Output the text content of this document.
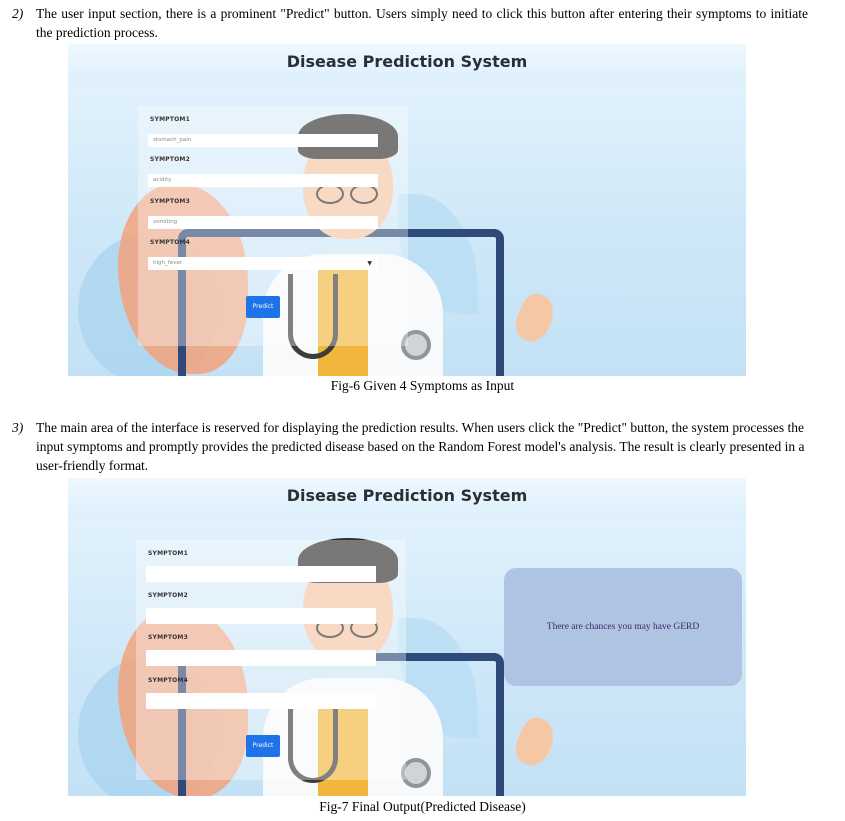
2) The user input section, there is a prominent "Predict" button. Users simply need to click this button after entering their symptoms to initiate the prediction process.
Disease Prediction System
SYMPTOM1
stomach_pain
SYMPTOM2
acidity
SYMPTOM3
vomiting
SYMPTOM4
high_fever	▼
Predict
Fig-6 Given 4 Symptoms as Input
3) The main area of the interface is reserved for displaying the prediction results. When users click the "Predict" button, the system processes the input symptoms and promptly provides the predicted disease based on the Random Forest model's analysis. The result is clearly presented in a user-friendly format.
Disease Prediction System
SYMPTOM1
SYMPTOM2
SYMPTOM3
SYMPTOM4
Predict
There are chances you may have GERD
Fig-7 Final Output(Predicted Disease)
